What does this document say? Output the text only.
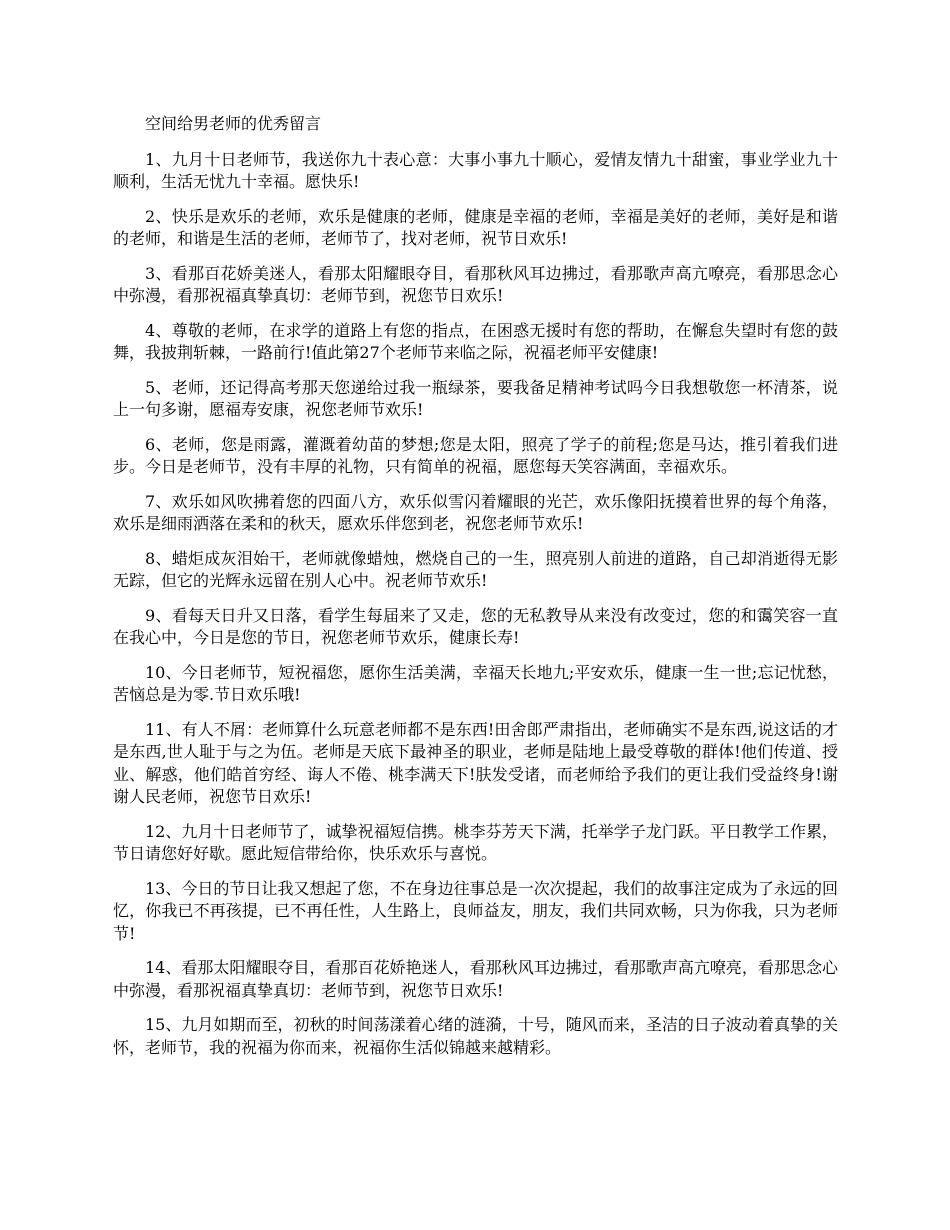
空间给男老师的优秀留言

1、九月十日老师节，我送你九十表心意：大事小事九十顺心，爱情友情九十甜蜜，事业学业九十顺利，生活无忧九十幸福。愿快乐!

2、快乐是欢乐的老师，欢乐是健康的老师，健康是幸福的老师，幸福是美好的老师，美好是和谐的老师，和谐是生活的老师，老师节了，找对老师，祝节日欢乐!

3、看那百花娇美迷人，看那太阳耀眼夺目，看那秋风耳边拂过，看那歌声高亢嘹亮，看那思念心中弥漫，看那祝福真挚真切：老师节到，祝您节日欢乐!

4、尊敬的老师，在求学的道路上有您的指点，在困惑无援时有您的帮助，在懈怠失望时有您的鼓舞，我披荆斩棘，一路前行!值此第27个老师节来临之际，祝福老师平安健康!

5、老师，还记得高考那天您递给过我一瓶绿茶，要我备足精神考试吗今日我想敬您一杯清茶，说上一句多谢，愿福寿安康，祝您老师节欢乐!

6、老师，您是雨露，灌溉着幼苗的梦想;您是太阳，照亮了学子的前程;您是马达，推引着我们进步。今日是老师节，没有丰厚的礼物，只有简单的祝福，愿您每天笑容满面，幸福欢乐。

7、欢乐如风吹拂着您的四面八方，欢乐似雪闪着耀眼的光芒，欢乐像阳抚摸着世界的每个角落，欢乐是细雨洒落在柔和的秋天，愿欢乐伴您到老，祝您老师节欢乐!

8、蜡炬成灰泪始干，老师就像蜡烛，燃烧自己的一生，照亮别人前进的道路，自己却消逝得无影无踪，但它的光辉永远留在别人心中。祝老师节欢乐!

9、看每天日升又日落，看学生每届来了又走，您的无私教导从来没有改变过，您的和霭笑容一直在我心中，今日是您的节日，祝您老师节欢乐，健康长寿!

10、今日老师节，短祝福您，愿你生活美满，幸福天长地九;平安欢乐，健康一生一世;忘记忧愁，苦恼总是为零.节日欢乐哦!

11、有人不屑：老师算什么玩意老师都不是东西!田舍郎严肃指出，老师确实不是东西,说这话的才是东西,世人耻于与之为伍。老师是天底下最神圣的职业，老师是陆地上最受尊敬的群体!他们传道、授业、解惑，他们皓首穷经、诲人不倦、桃李满天下!肤发受诸，而老师给予我们的更让我们受益终身!谢谢人民老师，祝您节日欢乐!

12、九月十日老师节了，诚挚祝福短信携。桃李芬芳天下满，托举学子龙门跃。平日教学工作累，节日请您好好歇。愿此短信带给你，快乐欢乐与喜悦。

13、今日的节日让我又想起了您，不在身边往事总是一次次提起，我们的故事注定成为了永远的回忆，你我已不再孩提，已不再任性，人生路上，良师益友，朋友，我们共同欢畅，只为你我，只为老师节!

14、看那太阳耀眼夺目，看那百花娇艳迷人，看那秋风耳边拂过，看那歌声高亢嘹亮，看那思念心中弥漫，看那祝福真挚真切：老师节到，祝您节日欢乐!

15、九月如期而至，初秋的时间荡漾着心绪的涟漪，十号，随风而来，圣洁的日子波动着真挚的关怀，老师节，我的祝福为你而来，祝福你生活似锦越来越精彩。
